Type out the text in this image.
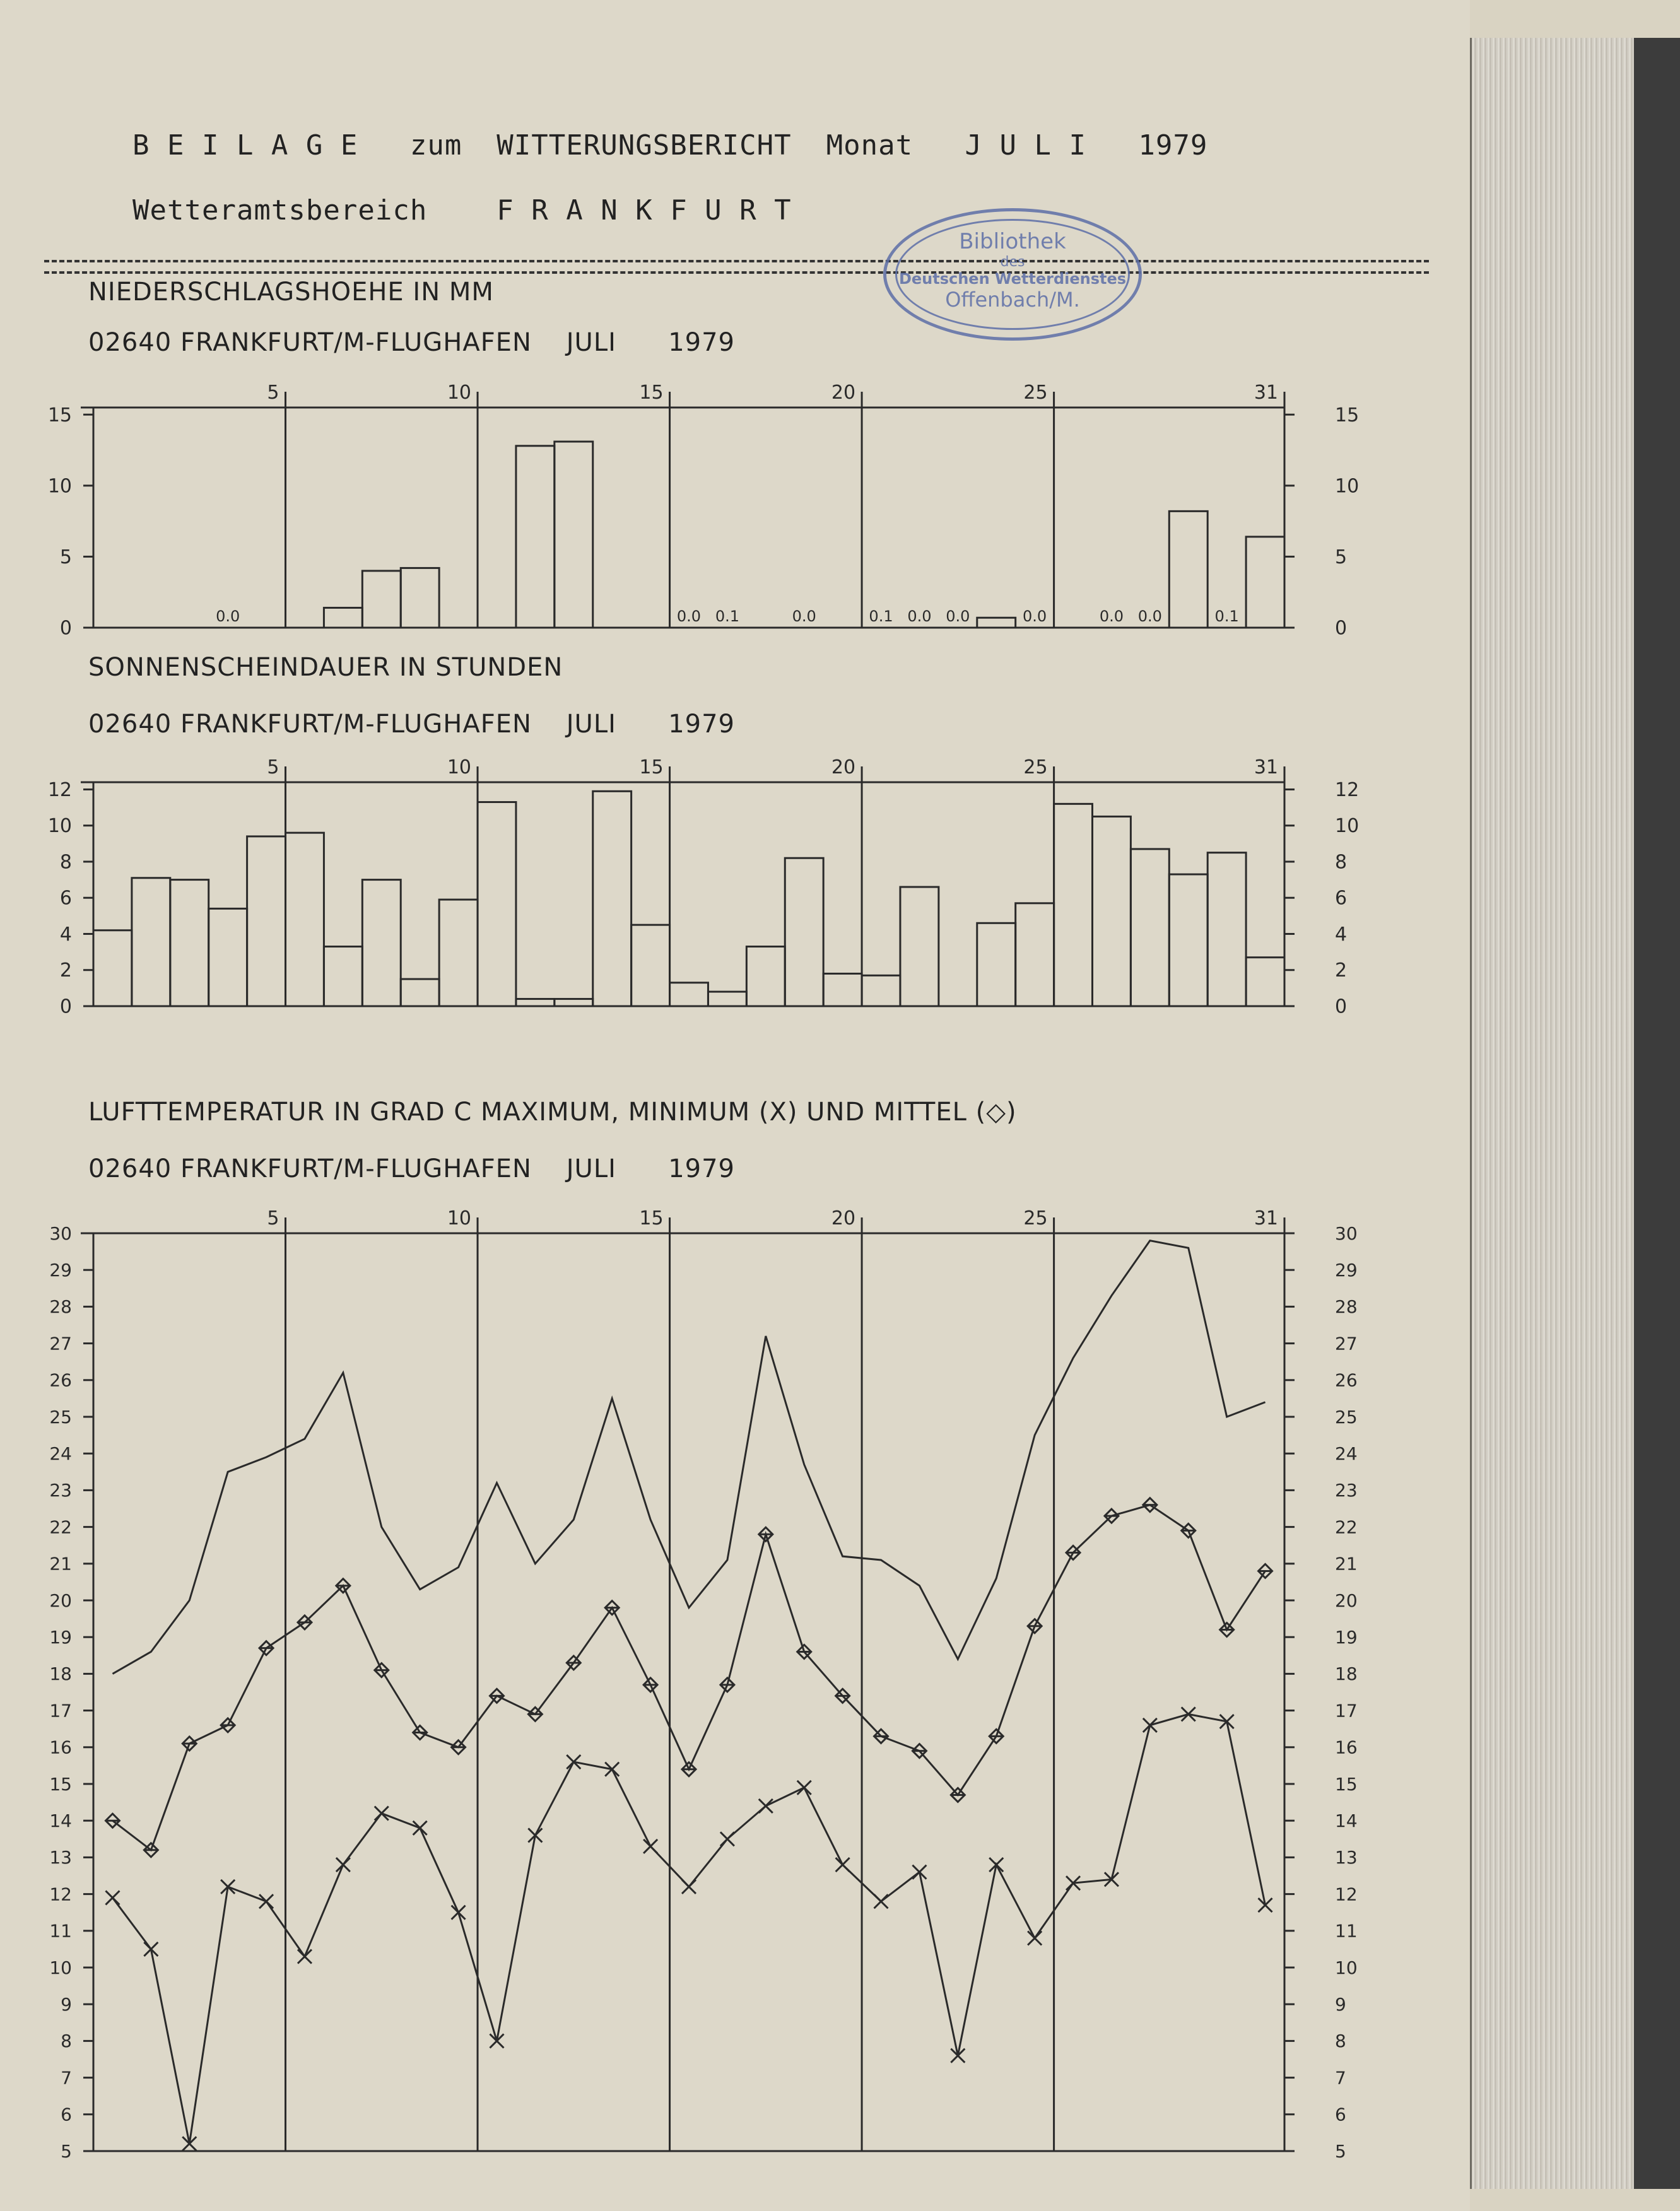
B E I L A G E   zum  WITTERUNGSBERICHT  Monat   J U L I   1979
Wetteramtsbereich    F R A N K F U R T
Bibliothek
des
Deutschen Wetterdienstes
Offenbach/M.
NIEDERSCHLAGSHOEHE IN MM
02640 FRANKFURT/M-FLUGHAFEN    JULI      1979
5	10	15	20	25	31
0	0
5	5
10	10
15	15
0.0	0.0 0.1	0.0	0.1 0.0 0.0	0.0	0.0 0.0	0.1
SONNENSCHEINDAUER IN STUNDEN
02640 FRANKFURT/M-FLUGHAFEN    JULI      1979
5	10	15	20	25	31
0	0
2	2
4	4
6	6
8	8
10	10
12	12
LUFTTEMPERATUR IN GRAD C MAXIMUM, MINIMUM (X) UND MITTEL (◇)
02640 FRANKFURT/M-FLUGHAFEN    JULI      1979
5	10	15	20	25	31
5	5
6	6
7	7
8	8
9	9
10	10
11	11
12	12
13	13
14	14
15	15
16	16
17	17
18	18
19	19
20	20
21	21
22	22
23	23
24	24
25	25
26	26
27	27
28	28
29	29
30	30
